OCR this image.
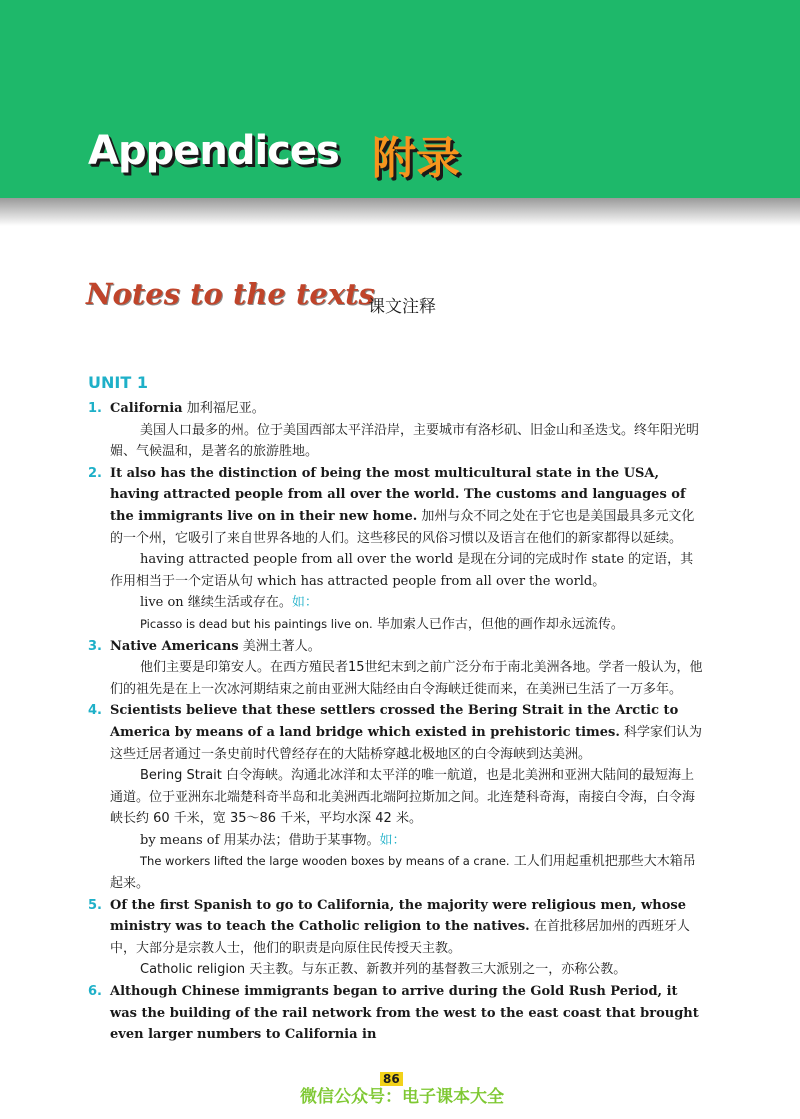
Appendices 附录
Notes to the texts
课文注释
UNIT 1
1. California 加利福尼亚。
美国人口最多的州。位于美国西部太平洋沿岸，主要城市有洛杉矶、旧金山和圣迭戈。终年阳光明媚、气候温和，是著名的旅游胜地。
2. It also has the distinction of being the most multicultural state in the USA, having attracted people from all over the world. The customs and languages of the immigrants live on in their new home. 加州与众不同之处在于它也是美国最具多元文化的一个州，它吸引了来自世界各地的人们。这些移民的风俗习惯以及语言在他们的新家都得以延续。
having attracted people from all over the world 是现在分词的完成时作 state 的定语，其作用相当于一个定语从句 which has attracted people from all over the world。
live on 继续生活或存在。如：
Picasso is dead but his paintings live on. 毕加索人已作古，但他的画作却永远流传。
3. Native Americans 美洲土著人。
他们主要是印第安人。在西方殖民者15世纪末到之前广泛分布于南北美洲各地。学者一般认为，他们的祖先是在上一次冰河期结束之前由亚洲大陆经由白令海峡迁徙而来，在美洲已生活了一万多年。
4. Scientists believe that these settlers crossed the Bering Strait in the Arctic to America by means of a land bridge which existed in prehistoric times. 科学家们认为这些迁居者通过一条史前时代曾经存在的大陆桥穿越北极地区的白令海峡到达美洲。
Bering Strait 白令海峡。沟通北冰洋和太平洋的唯一航道，也是北美洲和亚洲大陆间的最短海上通道。位于亚洲东北端楚科奇半岛和北美洲西北端阿拉斯加之间。北连楚科奇海，南接白令海，白令海峡长约 60 千米，宽 35～86 千米，平均水深 42 米。
by means of 用某办法；借助于某事物。如：
The workers lifted the large wooden boxes by means of a crane. 工人们用起重机把那些大木箱吊起来。
5. Of the first Spanish to go to California, the majority were religious men, whose ministry was to teach the Catholic religion to the natives. 在首批移居加州的西班牙人中，大部分是宗教人士，他们的职责是向原住民传授天主教。
Catholic religion 天主教。与东正教、新教并列的基督教三大派别之一，亦称公教。
6. Although Chinese immigrants began to arrive during the Gold Rush Period, it was the building of the rail network from the west to the east coast that brought even larger numbers to California in
微信公众号：电子课本大全
86
